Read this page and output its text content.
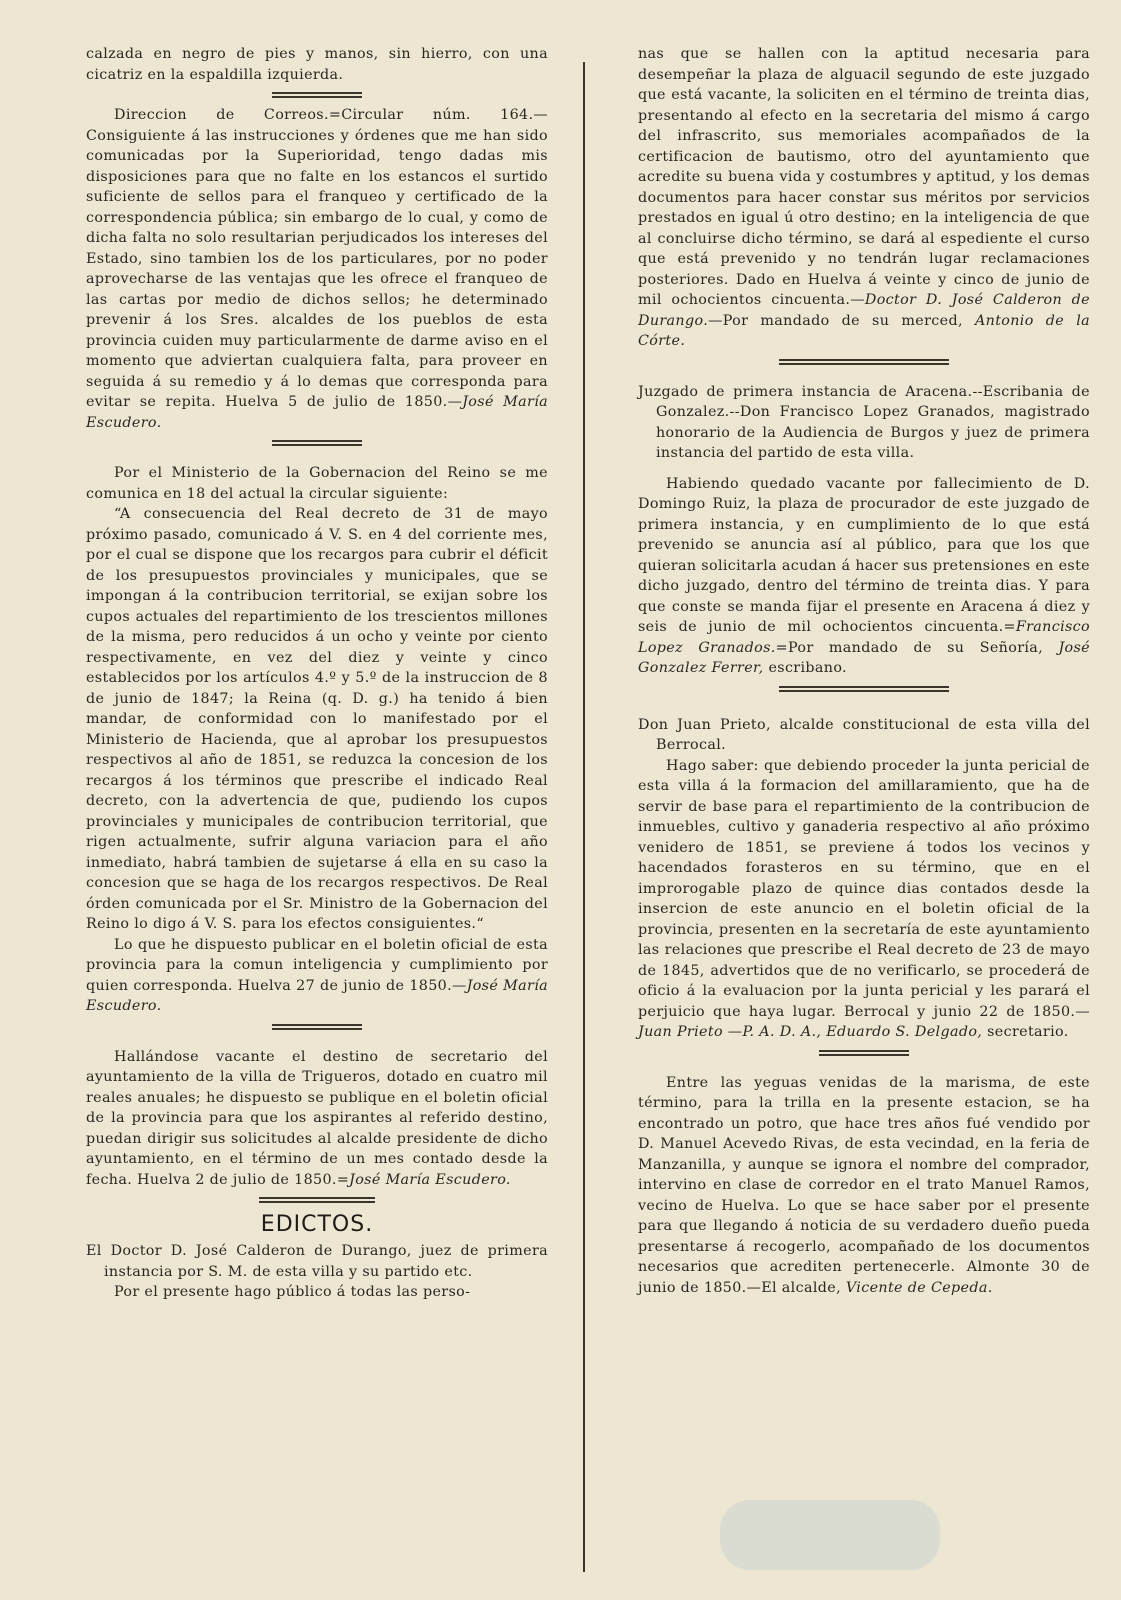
calzada en negro de pies y manos, sin hierro, con una cicatriz en la espaldilla izquierda.

Direccion de Correos.=Circular núm. 164.— Consiguiente á las instrucciones y órdenes que me han sido comunicadas por la Superioridad, tengo dadas mis disposiciones para que no falte en los estancos el surtido suficiente de sellos para el franqueo y certificado de la correspondencia pública; sin embargo de lo cual, y como de dicha falta no solo resultarian perjudicados los intereses del Estado, sino tambien los de los particulares, por no poder aprovecharse de las ventajas que les ofrece el franqueo de las cartas por medio de dichos sellos; he determinado prevenir á los Sres. alcaldes de los pueblos de esta provincia cuiden muy particularmente de darme aviso en el momento que adviertan cualquiera falta, para proveer en seguida á su remedio y á lo demas que corresponda para evitar se repita. Huelva 5 de julio de 1850.—José María Escudero.

Por el Ministerio de la Gobernacion del Reino se me comunica en 18 del actual la circular siguiente:

“A consecuencia del Real decreto de 31 de mayo próximo pasado, comunicado á V. S. en 4 del corriente mes, por el cual se dispone que los recargos para cubrir el déficit de los presupuestos provinciales y municipales, que se impongan á la contribucion territorial, se exijan sobre los cupos actuales del repartimiento de los trescientos millones de la misma, pero reducidos á un ocho y veinte por ciento respectivamente, en vez del diez y veinte y cinco establecidos por los artículos 4.º y 5.º de la instruccion de 8 de junio de 1847; la Reina (q. D. g.) ha tenido á bien mandar, de conformidad con lo manifestado por el Ministerio de Hacienda, que al aprobar los presupuestos respectivos al año de 1851, se reduzca la concesion de los recargos á los términos que prescribe el indicado Real decreto, con la advertencia de que, pudiendo los cupos provinciales y municipales de contribucion territorial, que rigen actualmente, sufrir alguna variacion para el año inmediato, habrá tambien de sujetarse á ella en su caso la concesion que se haga de los recargos respectivos. De Real órden comunicada por el Sr. Ministro de la Gobernacion del Reino lo digo á V. S. para los efectos consiguientes.“

Lo que he dispuesto publicar en el boletin oficial de esta provincia para la comun inteligencia y cumplimiento por quien corresponda. Huelva 27 de junio de 1850.—José María Escudero.

Hallándose vacante el destino de secretario del ayuntamiento de la villa de Trigueros, dotado en cuatro mil reales anuales; he dispuesto se publique en el boletin oficial de la provincia para que los aspirantes al referido destino, puedan dirigir sus solicitudes al alcalde presidente de dicho ayuntamiento, en el término de un mes contado desde la fecha. Huelva 2 de julio de 1850.=José María Escudero.

EDICTOS.

El Doctor D. José Calderon de Durango, juez de primera instancia por S. M. de esta villa y su partido etc.

Por el presente hago público á todas las perso-

nas que se hallen con la aptitud necesaria para desempeñar la plaza de alguacil segundo de este juzgado que está vacante, la soliciten en el término de treinta dias, presentando al efecto en la secretaria del mismo á cargo del infrascrito, sus memoriales acompañados de la certificacion de bautismo, otro del ayuntamiento que acredite su buena vida y costumbres y aptitud, y los demas documentos para hacer constar sus méritos por servicios prestados en igual ú otro destino; en la inteligencia de que al concluirse dicho término, se dará al espediente el curso que está prevenido y no tendrán lugar reclamaciones posteriores. Dado en Huelva á veinte y cinco de junio de mil ochocientos cincuenta.—Doctor D. José Calderon de Durango.—Por mandado de su merced, Antonio de la Córte.

Juzgado de primera instancia de Aracena.--Escribania de Gonzalez.--Don Francisco Lopez Granados, magistrado honorario de la Audiencia de Burgos y juez de primera instancia del partido de esta villa.

Habiendo quedado vacante por fallecimiento de D. Domingo Ruiz, la plaza de procurador de este juzgado de primera instancia, y en cumplimiento de lo que está prevenido se anuncia así al público, para que los que quieran solicitarla acudan á hacer sus pretensiones en este dicho juzgado, dentro del término de treinta dias. Y para que conste se manda fijar el presente en Aracena á diez y seis de junio de mil ochocientos cincuenta.=Francisco Lopez Granados.=Por mandado de su Señoría, José Gonzalez Ferrer, escribano.

Don Juan Prieto, alcalde constitucional de esta villa del Berrocal.

Hago saber: que debiendo proceder la junta pericial de esta villa á la formacion del amillaramiento, que ha de servir de base para el repartimiento de la contribucion de inmuebles, cultivo y ganaderia respectivo al año próximo venidero de 1851, se previene á todos los vecinos y hacendados forasteros en su término, que en el improrogable plazo de quince dias contados desde la insercion de este anuncio en el boletin oficial de la provincia, presenten en la secretaría de este ayuntamiento las relaciones que prescribe el Real decreto de 23 de mayo de 1845, advertidos que de no verificarlo, se procederá de oficio á la evaluacion por la junta pericial y les parará el perjuicio que haya lugar. Berrocal y junio 22 de 1850.—Juan Prieto —P. A. D. A., Eduardo S. Delgado, secretario.

Entre las yeguas venidas de la marisma, de este término, para la trilla en la presente estacion, se ha encontrado un potro, que hace tres años fué vendido por D. Manuel Acevedo Rivas, de esta vecindad, en la feria de Manzanilla, y aunque se ignora el nombre del comprador, intervino en clase de corredor en el trato Manuel Ramos, vecino de Huelva. Lo que se hace saber por el presente para que llegando á noticia de su verdadero dueño pueda presentarse á recogerlo, acompañado de los documentos necesarios que acrediten pertenecerle. Almonte 30 de junio de 1850.—El alcalde, Vicente de Cepeda.
